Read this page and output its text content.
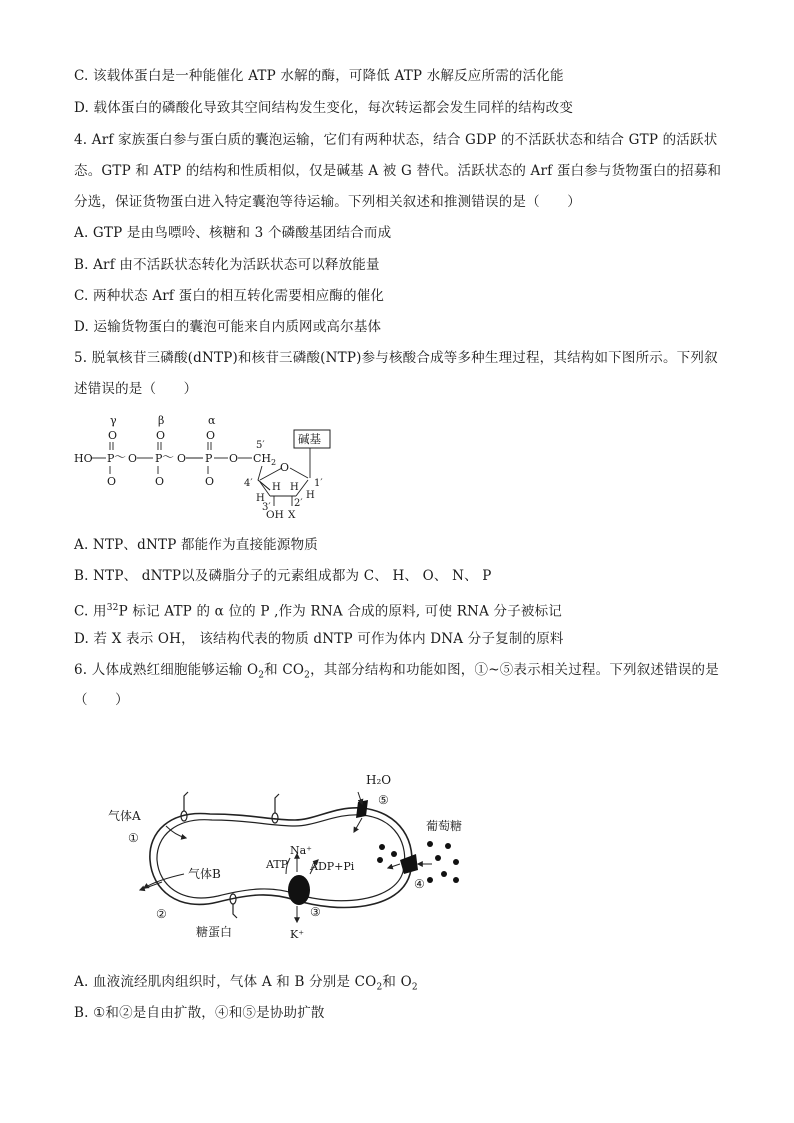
C. 该载体蛋白是一种能催化 ATP 水解的酶，可降低 ATP 水解反应所需的活化能
D. 载体蛋白的磷酸化导致其空间结构发生变化，每次转运都会发生同样的结构改变
4. Arf 家族蛋白参与蛋白质的囊泡运输，它们有两种状态，结合 GDP 的不活跃状态和结合 GTP 的活跃状
态。GTP 和 ATP 的结构和性质相似，仅是碱基 A 被 G 替代。活跃状态的 Arf 蛋白参与货物蛋白的招募和
分选，保证货物蛋白进入特定囊泡等待运输。下列相关叙述和推测错误的是（　　）
A. GTP 是由鸟嘌呤、核糖和 3 个磷酸基团结合而成
B. Arf 由不活跃状态转化为活跃状态可以释放能量
C. 两种状态 Arf 蛋白的相互转化需要相应酶的催化
D. 运输货物蛋白的囊泡可能来自内质网或高尔基体
5. 脱氧核苷三磷酸(dNTP)和核苷三磷酸(NTP)参与核酸合成等多种生理过程，其结构如下图所示。下列叙
述错误的是（　　）
γ	β	α
O	O	O
HO P ～ O P ～ O P O $CH_2$
5′
O	O	O
O
碱基
1′
H
4′
H
H H
3′ 2′
OH X
A. NTP、dNTP 都能作为直接能源物质
B. NTP、 dNTP以及磷脂分子的元素组成都为 C、 H、 O、 N、 P
C. 用$^{32}$P 标记 ATP 的 α 位的 P ,作为 RNA 合成的原料, 可使 RNA 分子被标记
D. 若 X 表示 OH， 该结构代表的物质 dNTP 可作为体内 DNA 分子复制的原料
6. 人体成熟红细胞能够运输 $O_2$和 $CO_2$，其部分结构和功能如图，①~⑤表示相关过程。下列叙述错误的是
（　　）
气体A
①
气体B
②
糖蛋白
H₂O
⑤
葡萄糖
④
Na⁺
ATP ADP+Pi
③
K⁺
A. 血液流经肌肉组织时，气体 A 和 B 分别是 $CO_2$和 $O_2$
B. ①和②是自由扩散，④和⑤是协助扩散
